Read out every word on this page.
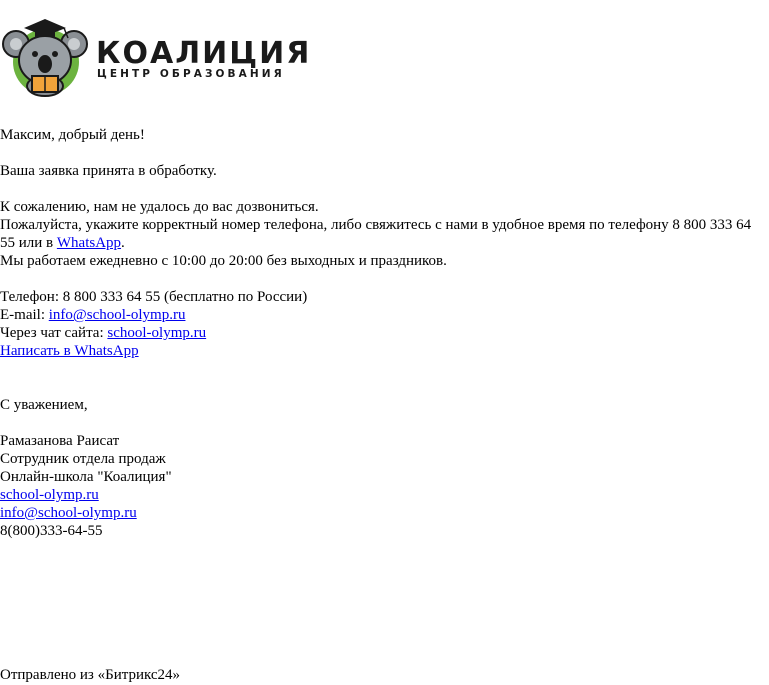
КОАЛИЦИЯ
ЦЕНТР ОБРАЗОВАНИЯ
Максим, добрый день!
Ваша заявка принята в обработку.
К сожалению, нам не удалось до вас дозвониться.
Пожалуйста, укажите корректный номер телефона, либо свяжитесь с нами в удобное время по телефону 8 800 333 64 55 или в WhatsApp.
Мы работаем ежедневно с 10:00 до 20:00 без выходных и праздников.
Телефон: 8 800 333 64 55 (бесплатно по России)
E-mail: info@school-olymp.ru
Через чат сайта: school-olymp.ru
Написать в WhatsApp
С уважением,
Рамазанова Раисат
Сотрудник отдела продаж
Онлайн-школа "Коалиция"
school-olymp.ru
info@school-olymp.ru
8(800)333-64-55
Отправлено из «Битрикс24»
